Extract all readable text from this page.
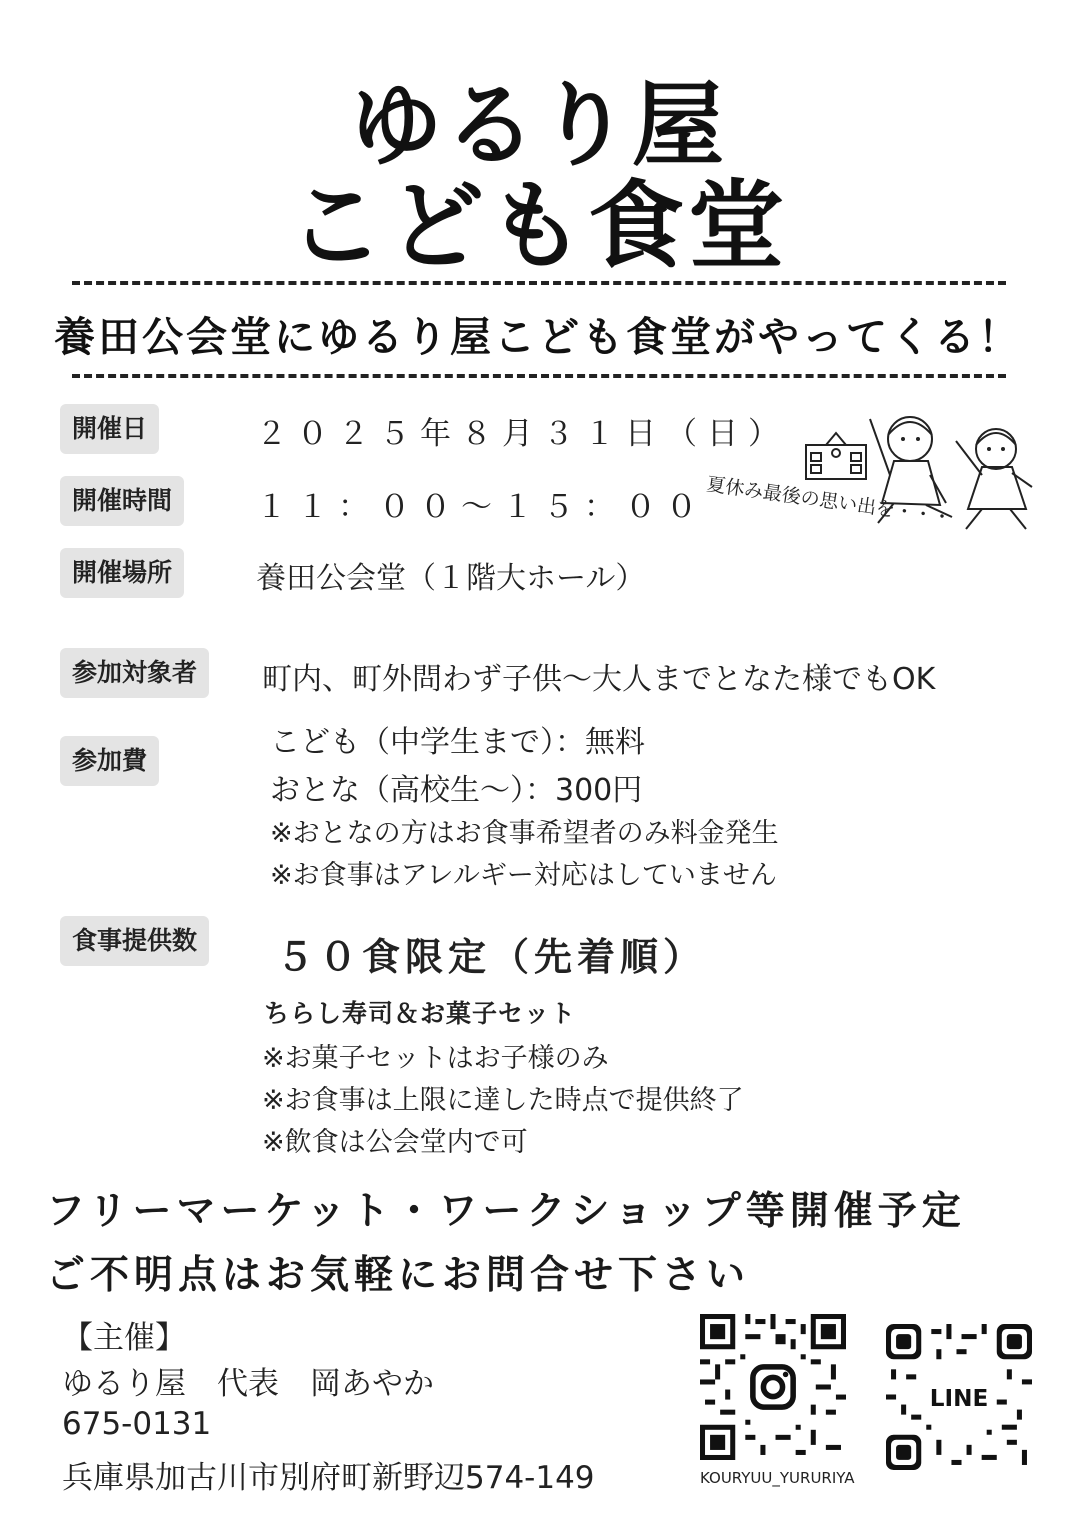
ゆるり屋
こども食堂
養田公会堂にゆるり屋こども食堂がやってくる！
開催日	２０２５年８月３１日（日）
開催時間	１１：００～１５：００
開催場所	養田公会堂（１階大ホール）
夏休み最後の思い出を・・・
参加対象者	町内、町外問わず子供～大人までとなた様でもOK
参加費
こども（中学生まで）：無料
おとな（高校生～）：300円
※おとなの方はお食事希望者のみ料金発生
※お食事はアレルギー対応はしていません
食事提供数	５０食限定（先着順）
ちらし寿司＆お菓子セット
※お菓子セットはお子様のみ
※お食事は上限に達した時点で提供終了
※飲食は公会堂内で可
フリーマーケット・ワークショップ等開催予定
ご不明点はお気軽にお問合せ下さい
【主催】
ゆるり屋　代表　岡あやか
675-0131
兵庫県加古川市別府町新野辺574-149	KOURYUU_YURURIYA
LINE
